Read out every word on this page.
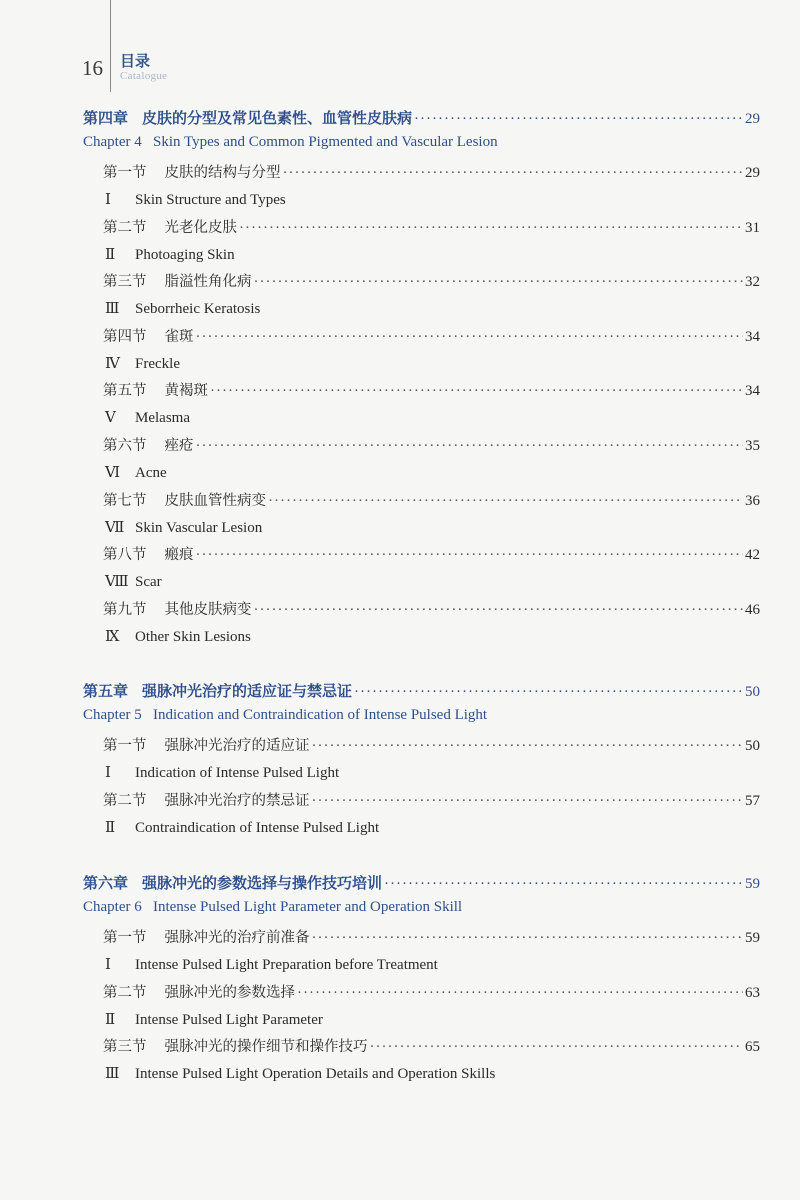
16 目录
Catalogue
第四章 皮肤的分型及常见色素性、血管性皮肤病 ·····	29
Chapter 4   Skin Types and Common Pigmented and Vascular Lesion
第一节 皮肤的结构与分型 ·····	29
Ⅰ Skin Structure and Types
第二节 光老化皮肤 ·····	31
Ⅱ Photoaging Skin
第三节 脂溢性角化病 ·····	32
Ⅲ Seborrheic Keratosis
第四节 雀斑 ·····	34
Ⅳ Freckle
第五节 黄褐斑 ·····	34
Ⅴ Melasma
第六节 痤疮 ·····	35
Ⅵ Acne
第七节 皮肤血管性病变 ·····	36
Ⅶ Skin Vascular Lesion
第八节 瘢痕 ·····	42
Ⅷ Scar
第九节 其他皮肤病变 ·····	46
Ⅸ Other Skin Lesions
第五章 强脉冲光治疗的适应证与禁忌证 ·····	50
Chapter 5   Indication and Contraindication of Intense Pulsed Light
第一节 强脉冲光治疗的适应证 ·····	50
Ⅰ Indication of Intense Pulsed Light
第二节 强脉冲光治疗的禁忌证 ·····	57
Ⅱ Contraindication of Intense Pulsed Light
第六章 强脉冲光的参数选择与操作技巧培训 ·····	59
Chapter 6   Intense Pulsed Light Parameter and Operation Skill
第一节 强脉冲光的治疗前准备 ·····	59
Ⅰ Intense Pulsed Light Preparation before Treatment
第二节 强脉冲光的参数选择 ·····	63
Ⅱ Intense Pulsed Light Parameter
第三节 强脉冲光的操作细节和操作技巧 ·····	65
Ⅲ Intense Pulsed Light Operation Details and Operation Skills
